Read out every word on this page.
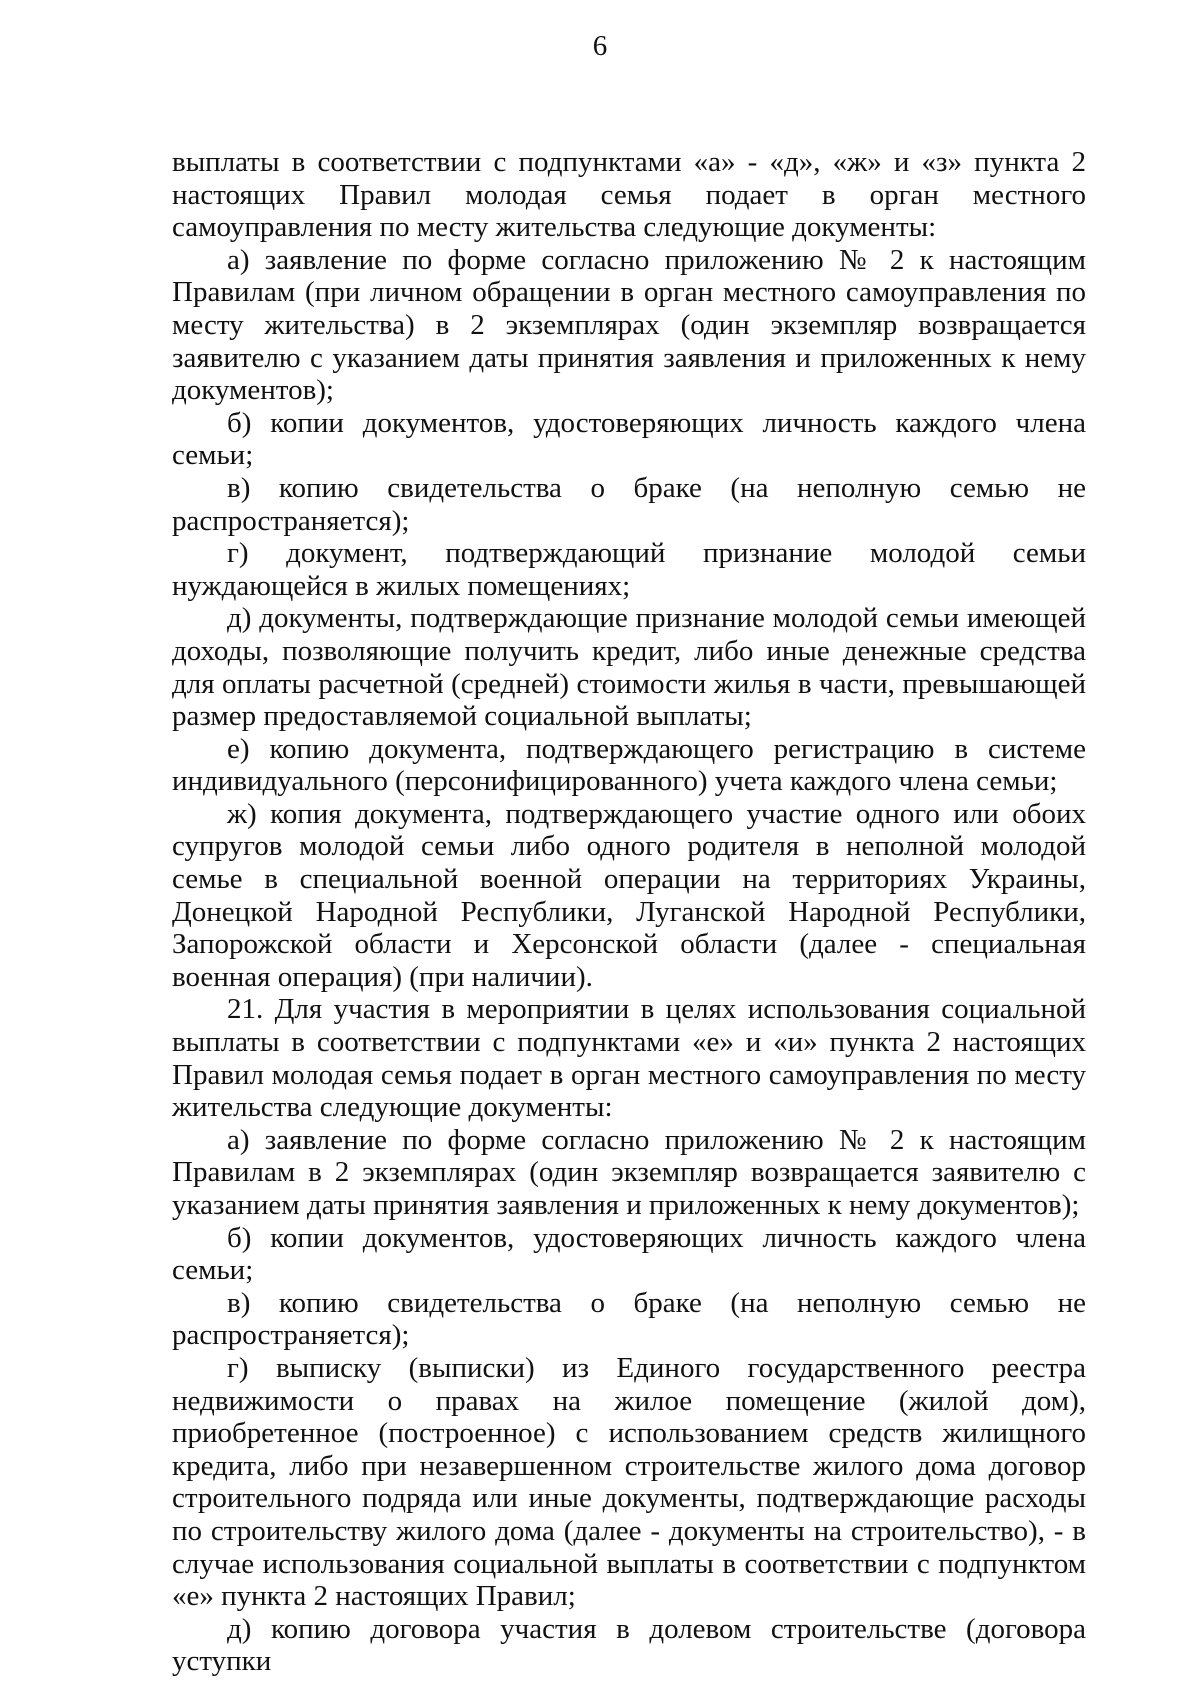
6

выплаты в соответствии с подпунктами «а» - «д», «ж» и «з» пункта 2 настоящих Правил молодая семья подает в орган местного самоуправления по месту жительства следующие документы:

а) заявление по форме согласно приложению № 2 к настоящим Правилам (при личном обращении в орган местного самоуправления по месту жительства) в 2 экземплярах (один экземпляр возвращается заявителю с указанием даты принятия заявления и приложенных к нему документов);

б) копии документов, удостоверяющих личность каждого члена семьи;

в) копию свидетельства о браке (на неполную семью не распространяется);

г) документ, подтверждающий признание молодой семьи нуждающейся в жилых помещениях;

д) документы, подтверждающие признание молодой семьи имеющей доходы, позволяющие получить кредит, либо иные денежные средства для оплаты расчетной (средней) стоимости жилья в части, превышающей размер предоставляемой социальной выплаты;

е) копию документа, подтверждающего регистрацию в системе индивидуального (персонифицированного) учета каждого члена семьи;

ж) копия документа, подтверждающего участие одного или обоих супругов молодой семьи либо одного родителя в неполной молодой семье в специальной военной операции на территориях Украины, Донецкой Народной Республики, Луганской Народной Республики, Запорожской области и Херсонской области (далее - специальная военная операция) (при наличии).

21. Для участия в мероприятии в целях использования социальной выплаты в соответствии с подпунктами «е» и «и» пункта 2 настоящих Правил молодая семья подает в орган местного самоуправления по месту жительства следующие документы:

а) заявление по форме согласно приложению № 2 к настоящим Правилам в 2 экземплярах (один экземпляр возвращается заявителю с указанием даты принятия заявления и приложенных к нему документов);

б) копии документов, удостоверяющих личность каждого члена семьи;

в) копию свидетельства о браке (на неполную семью не распространяется);

г) выписку (выписки) из Единого государственного реестра недвижимости о правах на жилое помещение (жилой дом), приобретенное (построенное) с использованием средств жилищного кредита, либо при незавершенном строительстве жилого дома договор строительного подряда или иные документы, подтверждающие расходы по строительству жилого дома (далее - документы на строительство), - в случае использования социальной выплаты в соответствии с подпунктом «е» пункта 2 настоящих Правил;

д) копию договора участия в долевом строительстве (договора уступки
